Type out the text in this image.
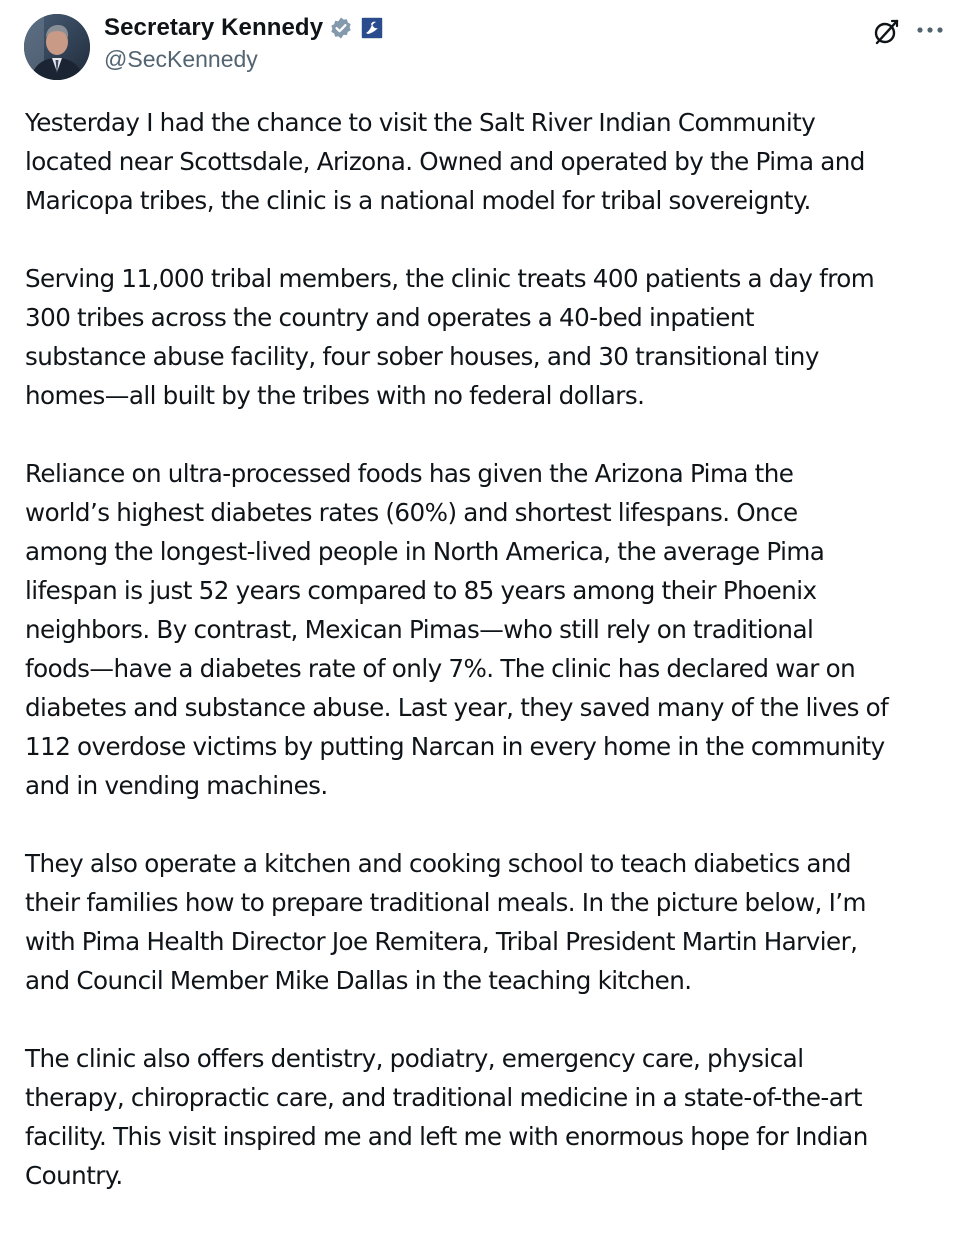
Secretary Kennedy
@SecKennedy

Yesterday I had the chance to visit the Salt River Indian Community
located near Scottsdale, Arizona. Owned and operated by the Pima and
Maricopa tribes, the clinic is a national model for tribal sovereignty.

Serving 11,000 tribal members, the clinic treats 400 patients a day from
300 tribes across the country and operates a 40-bed inpatient
substance abuse facility, four sober houses, and 30 transitional tiny
homes—all built by the tribes with no federal dollars.

Reliance on ultra-processed foods has given the Arizona Pima the
world’s highest diabetes rates (60%) and shortest lifespans. Once
among the longest-lived people in North America, the average Pima
lifespan is just 52 years compared to 85 years among their Phoenix
neighbors. By contrast, Mexican Pimas—who still rely on traditional
foods—have a diabetes rate of only 7%. The clinic has declared war on
diabetes and substance abuse. Last year, they saved many of the lives of
112 overdose victims by putting Narcan in every home in the community
and in vending machines.

They also operate a kitchen and cooking school to teach diabetics and
their families how to prepare traditional meals. In the picture below, I’m
with Pima Health Director Joe Remitera, Tribal President Martin Harvier,
and Council Member Mike Dallas in the teaching kitchen.

The clinic also offers dentistry, podiatry, emergency care, physical
therapy, chiropractic care, and traditional medicine in a state-of-the-art
facility. This visit inspired me and left me with enormous hope for Indian
Country.
